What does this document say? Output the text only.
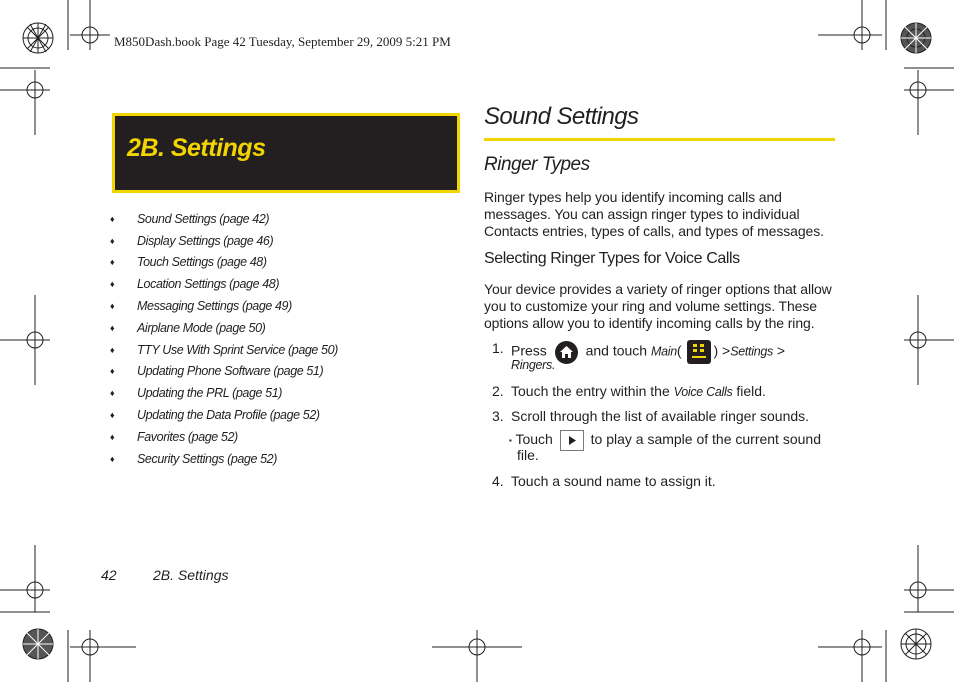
M850Dash.book Page 42 Tuesday, September 29, 2009 5:21 PM
2B. Settings
♦	Sound Settings (page 42)
♦	Display Settings (page 46)
♦	Touch Settings (page 48)
♦	Location Settings (page 48)
♦	Messaging Settings (page 49)
♦	Airplane Mode (page 50)
♦	TTY Use With Sprint Service (page 50)
♦	Updating Phone Software (page 51)
♦	Updating the PRL (page 51)
♦	Updating the Data Profile (page 52)
♦	Favorites (page 52)
♦	Security Settings (page 52)
Sound Settings
Ringer Types
Ringer types help you identify incoming calls and messages. You can assign ringer types to individual Contacts entries, types of calls, and types of messages.
Selecting Ringer Types for Voice Calls
Your device provides a variety of ringer options that allow you to customize your ring and volume settings. These options allow you to identify incoming calls by the ring.
1. Press	and touch Main( ) >Settings >
Ringers.
2. Touch the entry within the Voice Calls field.
3. Scroll through the list of available ringer sounds.
▪ Touch	to play a sample of the current sound
file.
4. Touch a sound name to assign it.
42	2B. Settings
